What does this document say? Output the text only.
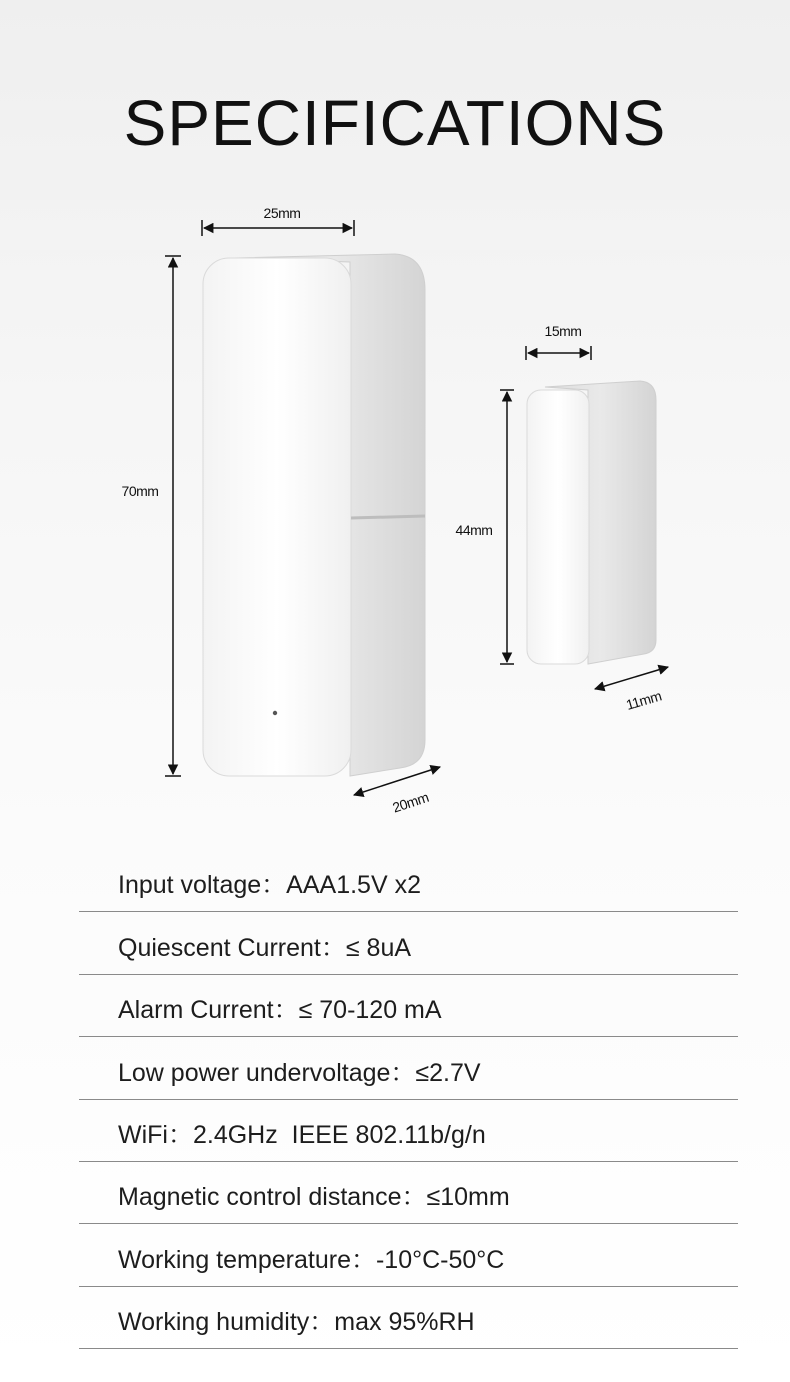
SPECIFICATIONS
25mm
70mm
20mm
15mm
44mm
11mm
Input voltage：AAA1.5V x2
Quiescent Current：≤ 8uA
Alarm Current：≤ 70-120 mA
Low power undervoltage：≤2.7V
WiFi：2.4GHz  IEEE 802.11b/g/n
Magnetic control distance：≤10mm
Working temperature：-10°C-50°C
Working humidity：max 95%RH
